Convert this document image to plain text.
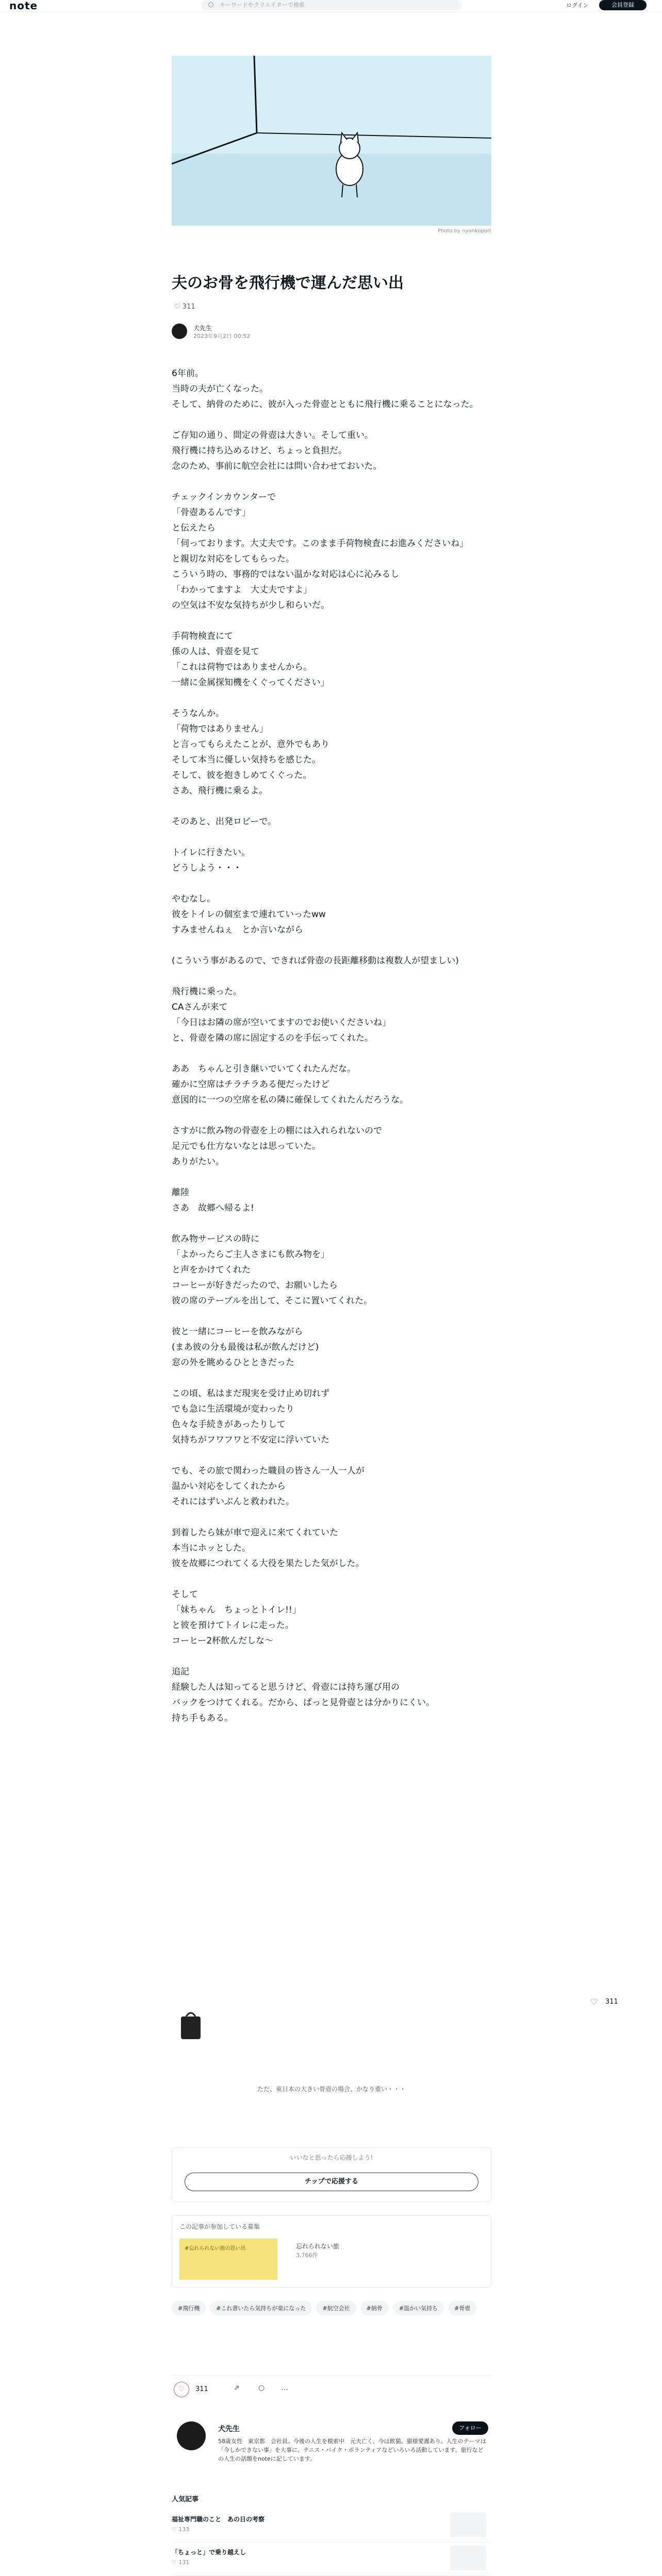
note	キーワードやクリエイターで検索	ログイン	会員登録
Photo by nyankoport
夫のお骨を飛行機で運んだ思い出
♡ 311
犬先生
2023年9月2日 00:52
6年前。
当時の夫が亡くなった。
そして、納骨のために、彼が入った骨壺とともに飛行機に乗ることになった。
ご存知の通り、間定の骨壺は大きい。そして重い。
飛行機に持ち込めるけど、ちょっと負担だ。
念のため、事前に航空会社には問い合わせておいた。
チェックインカウンターで
「骨壺あるんです」
と伝えたら
「伺っております。大丈夫です。このまま手荷物検査にお進みくださいね」
と親切な対応をしてもらった。
こういう時の、事務的ではない温かな対応は心に沁みるし
「わかってますよ　大丈夫ですよ」
の空気は不安な気持ちが少し和らいだ。
手荷物検査にて
係の人は、骨壺を見て
「これは荷物ではありませんから。
一緒に金属探知機をくぐってください」
そうなんか。
「荷物ではありません」
と言ってもらえたことが、意外でもあり
そして本当に優しい気持ちを感じた。
そして、彼を抱きしめてくぐった。
さあ、飛行機に乗るよ。
そのあと、出発ロビーで。
トイレに行きたい。
どうしよう・・・
やむなし。
彼をトイレの個室まで連れていったww
すみませんねぇ　とか言いながら
(こういう事があるので、できれば骨壺の長距離移動は複数人が望ましい)
飛行機に乗った。
CAさんが来て
「今日はお隣の席が空いてますのでお使いくださいね」
と、骨壺を隣の席に固定するのを手伝ってくれた。
ああ　ちゃんと引き継いでいてくれたんだな。
確かに空席はチラチラある便だったけど
意図的に一つの空席を私の隣に確保してくれたんだろうな。
さすがに飲み物の骨壺を上の棚には入れられないので
足元でも仕方ないなとは思っていた。
ありがたい。
離陸
さあ　故郷へ帰るよ!
飲み物サービスの時に
「よかったらご主人さまにも飲み物を」
と声をかけてくれた
コーヒーが好きだったので、お願いしたら
彼の席のテーブルを出して、そこに置いてくれた。
彼と一緒にコーヒーを飲みながら
(まあ彼の分も最後は私が飲んだけど)
窓の外を眺めるひとときだった
この頃、私はまだ現実を受け止め切れず
でも急に生活環境が変わったり
色々な手続きがあったりして
気持ちがフワフワと不安定に浮いていた
でも、その旅で関わった職員の皆さん一人一人が
温かい対応をしてくれたから
それにはずいぶんと救われた。
到着したら妹が車で迎えに来てくれていた
本当にホッとした。
彼を故郷につれてくる大役を果たした気がした。
そして
「妹ちゃん　ちょっとトイレ!!」
と彼を預けてトイレに走った。
コーヒー2杯飲んだしな〜
追記
経験した人は知ってると思うけど、骨壺には持ち運び用の
バックをつけてくれる。だから、ぱっと見骨壺とは分かりにくい。
持ち手もある。
♡ 311
ただ、東日本の大きい骨壺の場合、かなり重い・・・
いいなと思ったら応援しよう!
チップで応援する
この記事が参加している募集
#忘れられない旅の思い出	忘れられない旅
3,766件
#飛行機	#これ書いたら気持ちが楽になった	#航空会社	#納骨	#温かい気持ち	#骨壺
♡	311	⇗	○ …
犬先生	フォロー
58歳女性　東京都　会社員。今後の人生を模索中　元夫亡く、今は飲猫。猫様愛護あり。人生のテーマは「今しかできない事」を大事に、テニス・バイク・ボランティアなどいろいろ活動しています。旅行などの人生の話題をnoteに記しています。
人気記事
福祉専門職のこと　あの日の考察
♡ 133
「ちょっと」で乗り越えし
♡ 131
